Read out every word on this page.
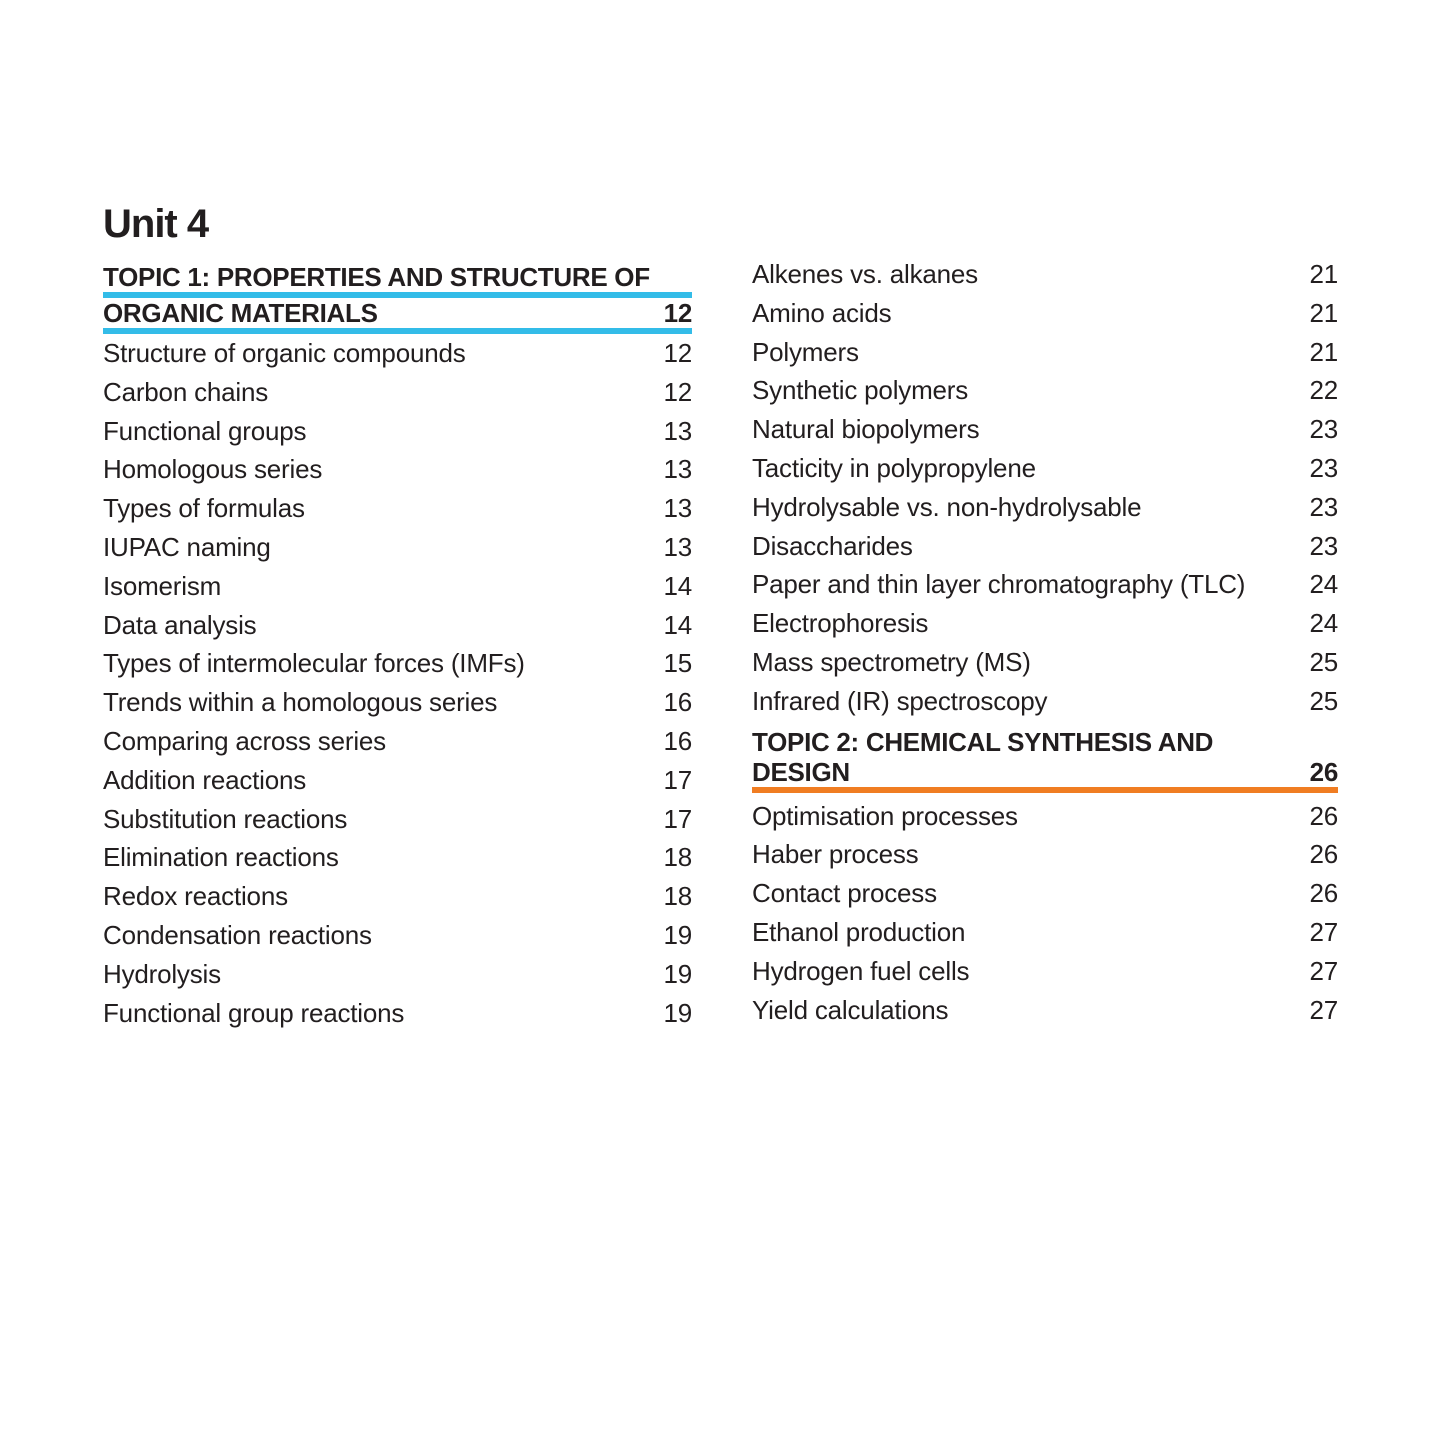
Unit 4
TOPIC 1: PROPERTIES AND STRUCTURE OF
ORGANIC MATERIALS	12
Structure of organic compounds	12
Carbon chains	12
Functional groups	13
Homologous series	13
Types of formulas	13
IUPAC naming	13
Isomerism	14
Data analysis	14
Types of intermolecular forces (IMFs)	15
Trends within a homologous series	16
Comparing across series	16
Addition reactions	17
Substitution reactions	17
Elimination reactions	18
Redox reactions	18
Condensation reactions	19
Hydrolysis	19
Functional group reactions	19
Alkenes vs. alkanes	21
Amino acids	21
Polymers	21
Synthetic polymers	22
Natural biopolymers	23
Tacticity in polypropylene	23
Hydrolysable vs. non-hydrolysable	23
Disaccharides	23
Paper and thin layer chromatography (TLC) 24
Electrophoresis	24
Mass spectrometry (MS)	25
Infrared (IR) spectroscopy	25
TOPIC 2: CHEMICAL SYNTHESIS AND DESIGN	26
Optimisation processes	26
Haber process	26
Contact process	26
Ethanol production	27
Hydrogen fuel cells	27
Yield calculations	27
